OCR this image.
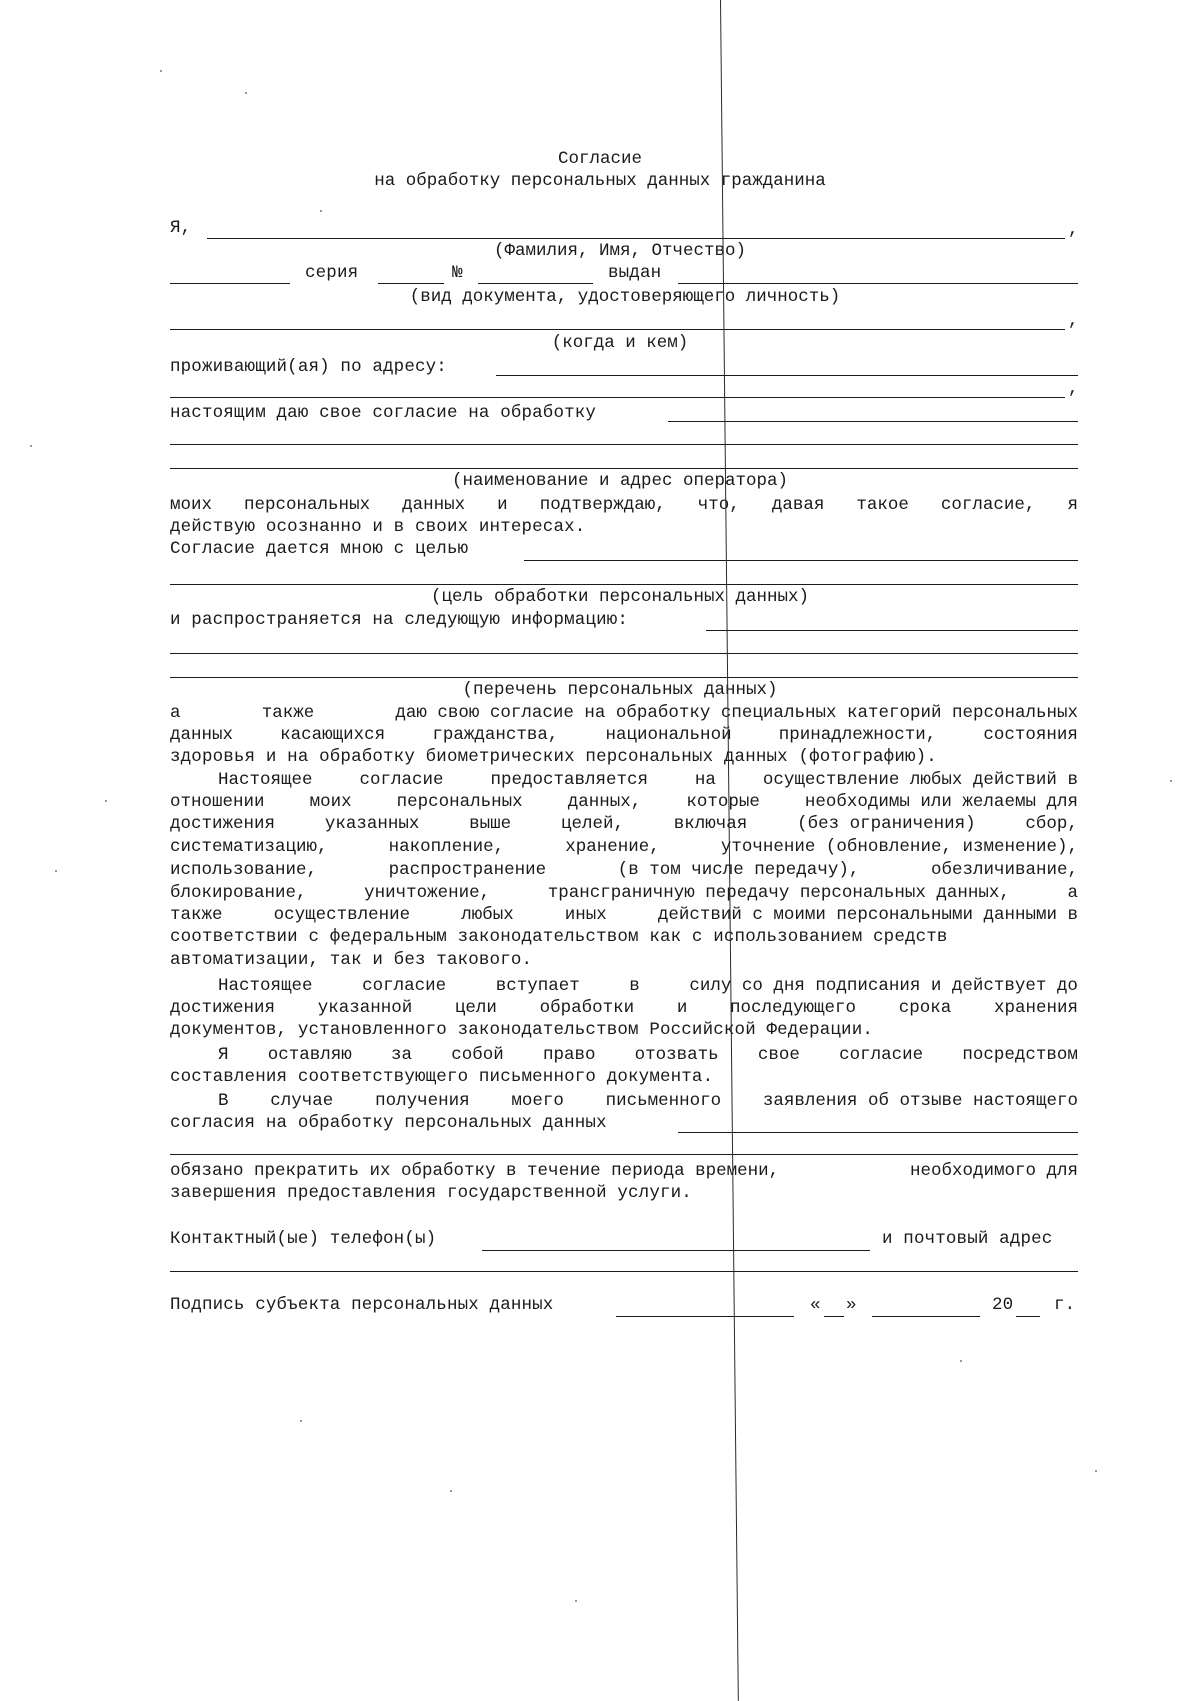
Согласие
на обработку персональных данных гражданина
Я,	,
(Фамилия, Имя, Отчество)
серия	№	выдан
(вид документа, удостоверяющего личность)
,
(когда и кем)
проживающий(ая) по адресу:
,
настоящим даю свое согласие на обработку
(наименование и адрес оператора)
моих персональных данных и подтверждаю, что, давая такое согласие, я
действую осознанно и в своих интересах.
Согласие дается мною с целью
(цель обработки персональных данных)
и распространяется на следующую информацию:
(перечень персональных данных)
а	также	даю свою согласие на обработку специальных категорий персональных
данных	касающихся	гражданства,	национальной	принадлежности,	состояния
здоровья и на обработку биометрических персональных данных (фотографию).
Настоящее	согласие	предоставляется	на	осуществление любых действий в
отношении	моих	персональных	данных,	которые	необходимы или желаемы для
достижения	указанных	выше	целей,	включая	(без ограничения)	сбор,
систематизацию,	накопление,	хранение,	уточнение (обновление, изменение),
использование,	распространение	(в том числе передачу),	обезличивание,
блокирование,	уничтожение,	трансграничную передачу персональных данных,	а
также	осуществление	любых	иных	действий с моими персональными данными в
соответствии с федеральным законодательством как с использованием средств
автоматизации, так и без такового.
Настоящее	согласие	вступает	в	силу со дня подписания и действует до
достижения указанной цели обработки и последующего срока хранения
документов, установленного законодательством Российской Федерации.
Я оставляю за собой право отозвать свое согласие посредством
составления соответствующего письменного документа.
В случае получения моего письменного заявления об отзыве настоящего
согласия на обработку персональных данных
обязано прекратить их обработку в течение периода времени,	необходимого для
завершения предоставления государственной услуги.
Контактный(ые) телефон(ы)	и почтовый адрес
Подпись субъекта персональных данных	« »	20 г.
